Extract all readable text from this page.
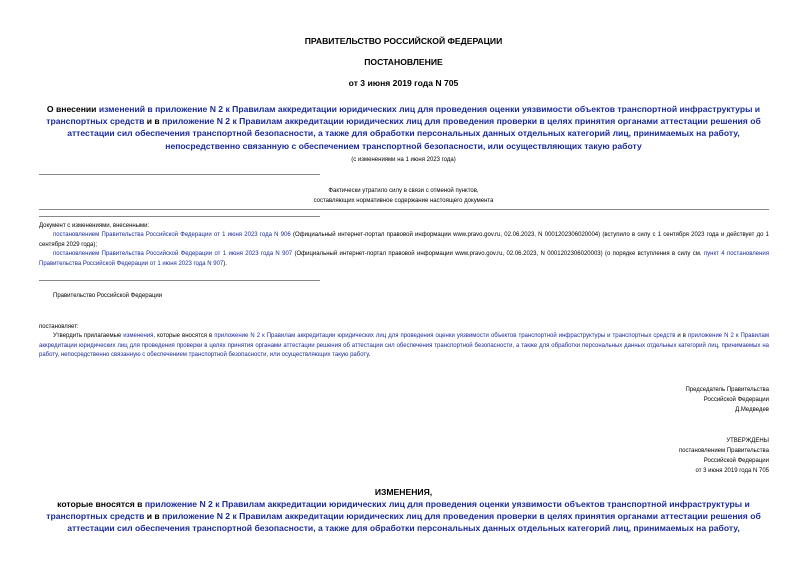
ПРАВИТЕЛЬСТВО РОССИЙСКОЙ ФЕДЕРАЦИИ
ПОСТАНОВЛЕНИЕ
от 3 июня 2019 года N 705
О внесении изменений в приложение N 2 к Правилам аккредитации юридических лиц для проведения оценки уязвимости объектов транспортной инфраструктуры и транспортных средств и в приложение N 2 к Правилам аккредитации юридических лиц для проведения проверки в целях принятия органами аттестации решения об аттестации сил обеспечения транспортной безопасности, а также для обработки персональных данных отдельных категорий лиц, принимаемых на работу, непосредственно связанную с обеспечением транспортной безопасности, или осуществляющих такую работу
(с изменениями на 1 июня 2023 года)
Фактически утратило силу в связи с отменой пунктов,
составляющих нормативное содержание настоящего документа

Документ с изменениями, внесенными:

постановлением Правительства Российской Федерации от 1 июня 2023 года N 906 (Официальный интернет-портал правовой информации www.pravo.gov.ru, 02.06.2023, N 0001202306020004) (вступило в силу с 1 сентября 2023 года и действует до 1 сентября 2029 года);

постановлением Правительства Российской Федерации от 1 июня 2023 года N 907 (Официальный интернет-портал правовой информации www.pravo.gov.ru, 02.06.2023, N 0001202306020003) (о порядке вступления в силу см. пункт 4 постановления Правительства Российской Федерации от 1 июня 2023 года N 907).

Правительство Российской Федерации

постановляет:

Утвердить прилагаемые изменения, которые вносятся в приложение N 2 к Правилам аккредитации юридических лиц для проведения оценки уязвимости объектов транспортной инфраструктуры и транспортных средств и в приложение N 2 к Правилам аккредитации юридических лиц для проведения проверки в целях принятия органами аттестации решения об аттестации сил обеспечения транспортной безопасности, а также для обработки персональных данных отдельных категорий лиц, принимаемых на работу, непосредственно связанную с обеспечением транспортной безопасности, или осуществляющих такую работу.

Председатель Правительства
Российской Федерации
Д.Медведев
УТВЕРЖДЕНЫ
постановлением Правительства
Российской Федерации
от 3 июня 2019 года N 705
ИЗМЕНЕНИЯ,
которые вносятся в приложение N 2 к Правилам аккредитации юридических лиц для проведения оценки уязвимости объектов транспортной инфраструктуры и транспортных средств и в приложение N 2 к Правилам аккредитации юридических лиц для проведения проверки в целях принятия органами аттестации решения об аттестации сил обеспечения транспортной безопасности, а также для обработки персональных данных отдельных категорий лиц, принимаемых на работу,
